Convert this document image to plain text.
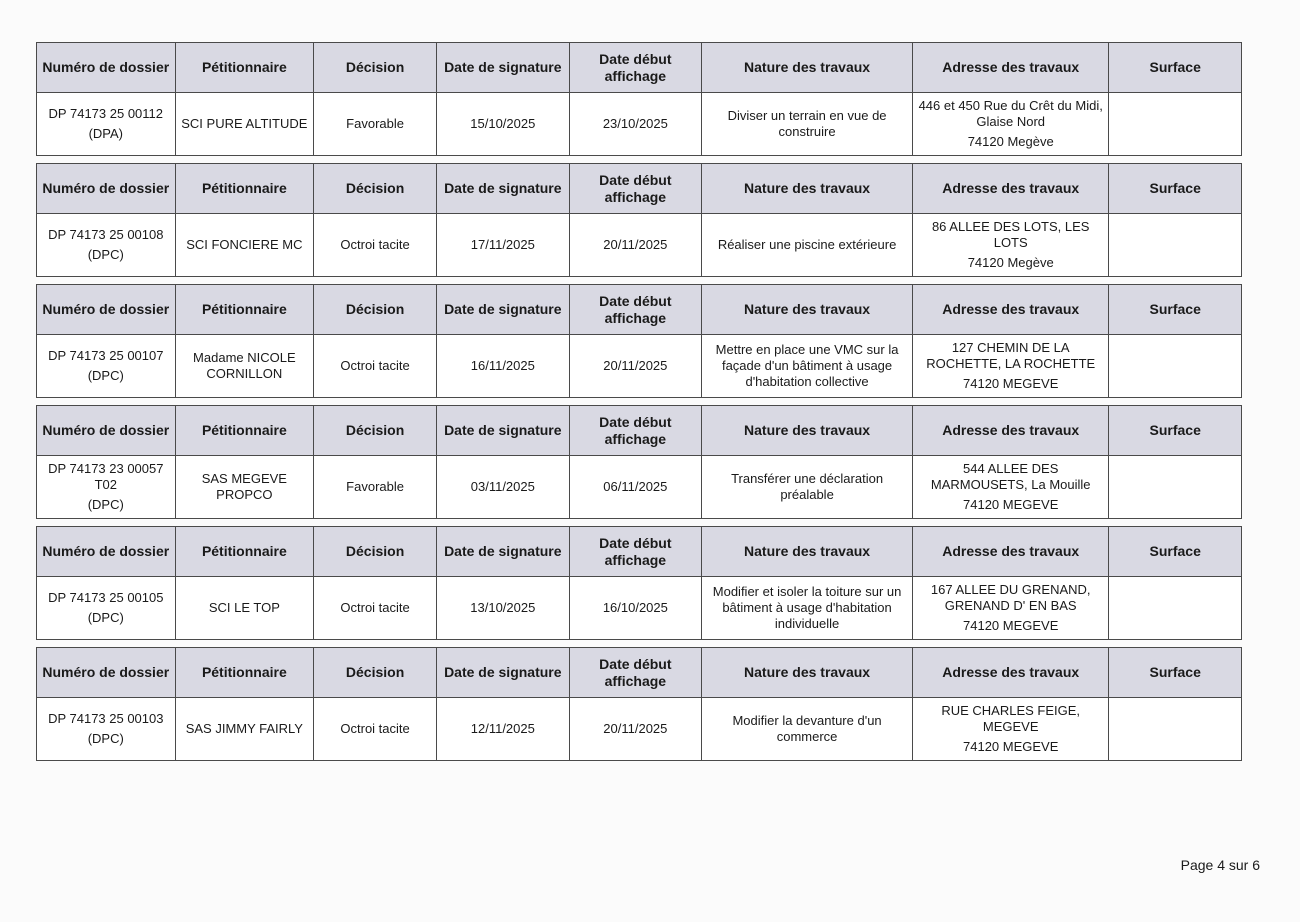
Numéro de dossier	Pétitionnaire	Décision	Date de signature	Date début affichage	Nature des travaux	Adresse des travaux	Surface
DP 74173 25 00112
(DPA)	SCI PURE ALTITUDE	Favorable	15/10/2025	23/10/2025	Diviser un terrain en vue de construire	446 et 450 Rue du Crêt du Midi, Glaise Nord
74120 Megève	

Numéro de dossier	Pétitionnaire	Décision	Date de signature	Date début affichage	Nature des travaux	Adresse des travaux	Surface
DP 74173 25 00108
(DPC)	SCI FONCIERE MC	Octroi tacite	17/11/2025	20/11/2025	Réaliser une piscine extérieure	86 ALLEE DES LOTS, LES LOTS
74120 Megève	

Numéro de dossier	Pétitionnaire	Décision	Date de signature	Date début affichage	Nature des travaux	Adresse des travaux	Surface
DP 74173 25 00107
(DPC)	Madame NICOLE CORNILLON	Octroi tacite	16/11/2025	20/11/2025	Mettre en place une VMC sur la façade d'un bâtiment à usage d'habitation collective	127 CHEMIN DE LA ROCHETTE, LA ROCHETTE
74120 MEGEVE	

Numéro de dossier	Pétitionnaire	Décision	Date de signature	Date début affichage	Nature des travaux	Adresse des travaux	Surface
DP 74173 23 00057 T02
(DPC)	SAS MEGEVE PROPCO	Favorable	03/11/2025	06/11/2025	Transférer une déclaration préalable	544 ALLEE DES MARMOUSETS, La Mouille
74120 MEGEVE	

Numéro de dossier	Pétitionnaire	Décision	Date de signature	Date début affichage	Nature des travaux	Adresse des travaux	Surface
DP 74173 25 00105
(DPC)	SCI LE TOP	Octroi tacite	13/10/2025	16/10/2025	Modifier et isoler la toiture sur un bâtiment à usage d'habitation individuelle	167 ALLEE DU GRENAND, GRENAND D' EN BAS
74120 MEGEVE	

Numéro de dossier	Pétitionnaire	Décision	Date de signature	Date début affichage	Nature des travaux	Adresse des travaux	Surface
DP 74173 25 00103
(DPC)	SAS JIMMY FAIRLY	Octroi tacite	12/11/2025	20/11/2025	Modifier la devanture d'un commerce	RUE CHARLES FEIGE, MEGEVE
74120 MEGEVE	

Page 4 sur 6
